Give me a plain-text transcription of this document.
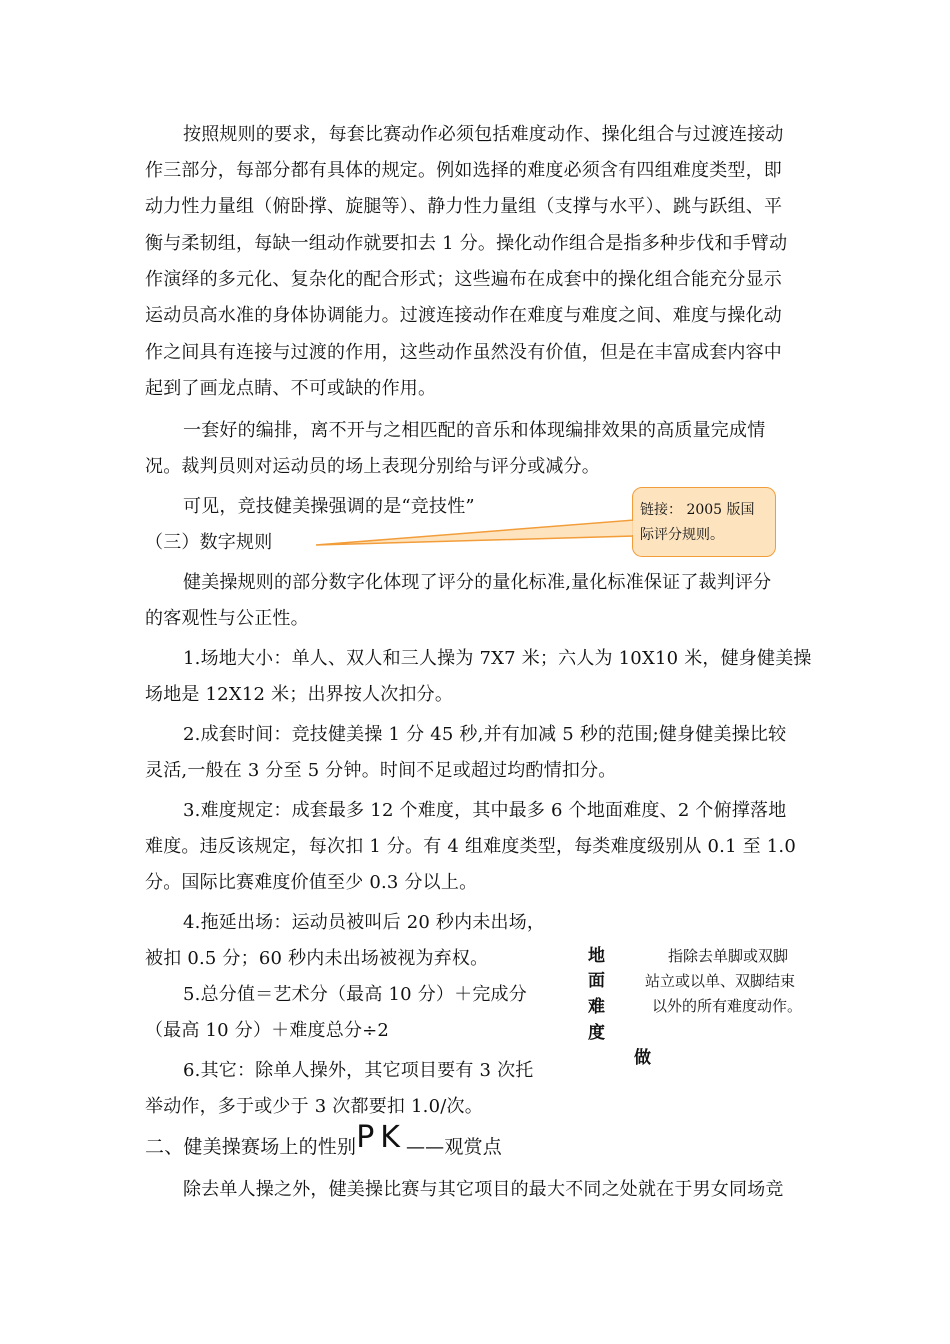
按照规则的要求，每套比赛动作必须包括难度动作、操化组合与过渡连接动
作三部分，每部分都有具体的规定。例如选择的难度必须含有四组难度类型，即
动力性力量组（俯卧撑、旋腿等）、静力性力量组（支撑与水平）、跳与跃组、平
衡与柔韧组，每缺一组动作就要扣去 1 分。操化动作组合是指多种步伐和手臂动
作演绎的多元化、复杂化的配合形式；这些遍布在成套中的操化组合能充分显示
运动员高水准的身体协调能力。过渡连接动作在难度与难度之间、难度与操化动
作之间具有连接与过渡的作用，这些动作虽然没有价值，但是在丰富成套内容中
起到了画龙点睛、不可或缺的作用。
一套好的编排，离不开与之相匹配的音乐和体现编排效果的高质量完成情
况。裁判员则对运动员的场上表现分别给与评分或减分。
可见，竞技健美操强调的是“竞技性”
（三）数字规则
链接： 2005 版国
际评分规则。
健美操规则的部分数字化体现了评分的量化标准,量化标准保证了裁判评分
的客观性与公正性。
1.场地大小：单人、双人和三人操为 7X7 米；六人为 10X10 米，健身健美操
场地是 12X12 米；出界按人次扣分。
2.成套时间：竞技健美操 1 分 45 秒,并有加减 5 秒的范围;健身健美操比较
灵活,一般在 3 分至 5 分钟。时间不足或超过均酌情扣分。
3.难度规定：成套最多 12 个难度，其中最多 6 个地面难度、2 个俯撑落地
难度。违反该规定，每次扣 1 分。有 4 组难度类型，每类难度级别从 0.1 至 1.0
分。国际比赛难度价值至少 0.3 分以上。
4.拖延出场：运动员被叫后 20 秒内未出场，
被扣 0.5 分；60 秒内未出场被视为弃权。
5.总分值＝艺术分（最高 10 分）＋完成分
（最高 10 分）＋难度总分÷2
6.其它：除单人操外，其它项目要有 3 次托
举动作，多于或少于 3 次都要扣 1.0/次。
地
面
难
度
指除去单脚或双脚
站立或以单、双脚结束
以外的所有难度动作。
做
二、健美操赛场上的性别PK——观赏点
除去单人操之外，健美操比赛与其它项目的最大不同之处就在于男女同场竞
